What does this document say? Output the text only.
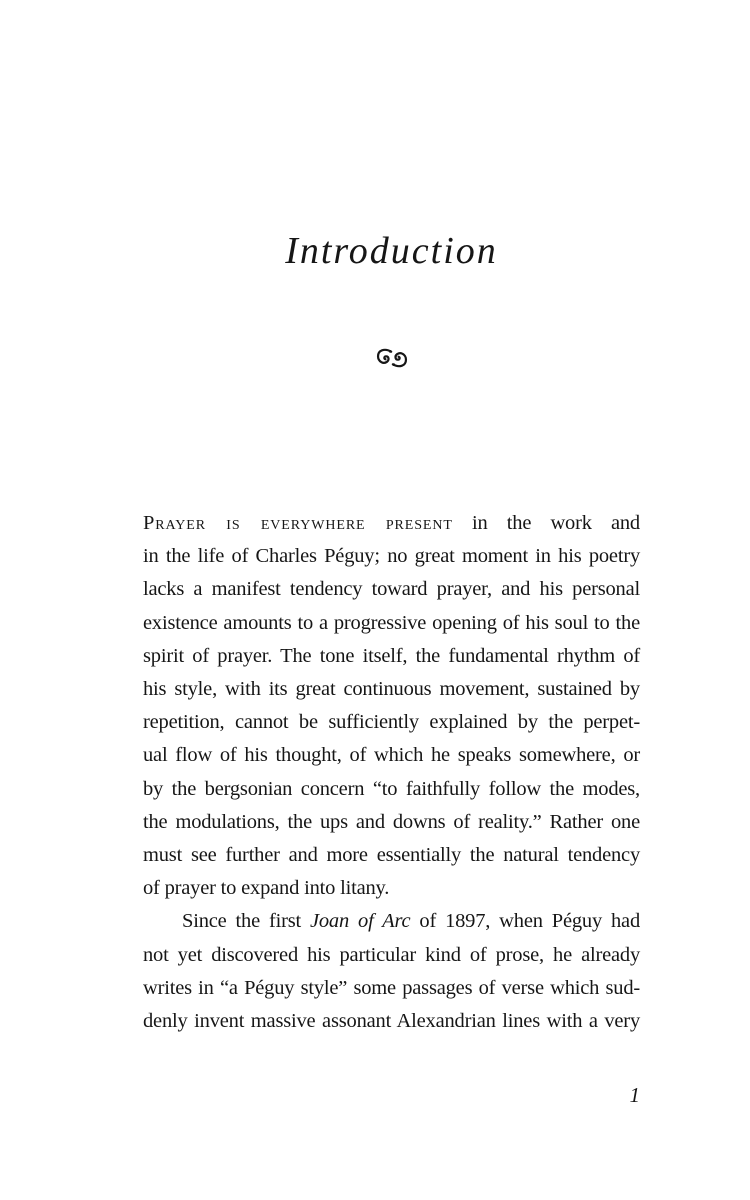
Introduction
Prayer is everywhere present in the work and
in the life of Charles Péguy; no great moment in his poetry
lacks a manifest tendency toward prayer, and his personal
existence amounts to a progressive opening of his soul to the
spirit of prayer. The tone itself, the fundamental rhythm of
his style, with its great continuous movement, sustained by
repetition, cannot be sufficiently explained by the perpet-
ual flow of his thought, of which he speaks somewhere, or
by the bergsonian concern “to faithfully follow the modes,
the modulations, the ups and downs of reality.” Rather one
must see further and more essentially the natural tendency
of prayer to expand into litany.
Since the first Joan of Arc of 1897, when Péguy had
not yet discovered his particular kind of prose, he already
writes in “a Péguy style” some passages of verse which sud-
denly invent massive assonant Alexandrian lines with a very
1
